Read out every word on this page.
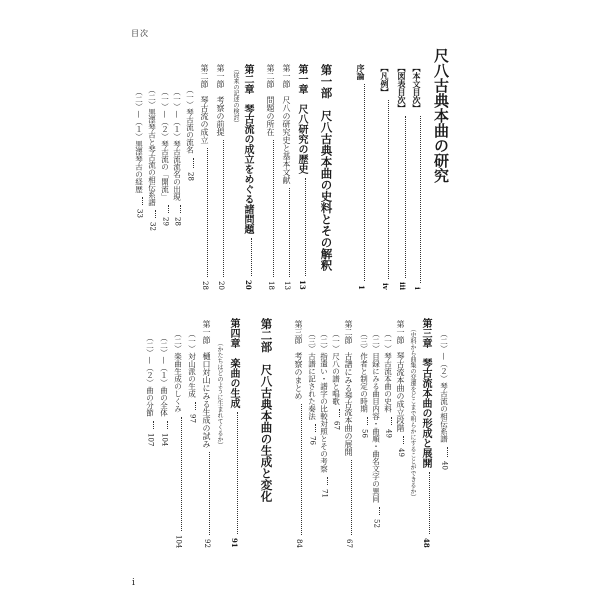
目次
i
尺八古典本曲の研究
【本文目次】
i
【図表目次】
iii
【凡例】
iv
序論
1
第一部　尺八古典本曲の史料とその解釈
第一章　尺八研究の歴史
13
第一節　尺八の研究史と基本文献
13
第二節　問題の所在
18
第二章　琴古流の成立をめぐる諸問題
20
（従来の記述の検討）
第一節　考察の前提
20
第二節　琴古流の成立
28
（一）琴古流の流名
28
（一）—（１）琴古流流名の出現
28
（一）—（２）琴古流の「開流」
29
（二）黒澤琴古と琴古流の相伝系譜
32
（二）—（１）黒澤琴古の経歴
33
（二）—（２）琴古流の相伝系譜
40
第三章　琴古流本曲の形成と展開
48
（史料から曲集の変遷をどこまで明らかにすることができるか）
第一節　琴古流本曲の成立段階
49
（一）琴古流本曲の史料
49
（二）目録にみる曲目内容・曲順・曲名文字の異同
52
（三）作者と制定の時期
56
第二節　古譜にみる琴古流本曲の展開
67
（一）尺八の譜と唱歌
67
（二）指遣い・譜字の比較対照とその考察
71
（三）古譜に記された奏法
76
第三節　考察のまとめ
84
第二部　尺八古典本曲の生成と変化
第四章　楽曲の生成
91
（かたちはどのように生まれてくるか）
第一節　樋口対山にみる生成の試み
92
（一）対山派の生成
97
（二）楽曲生成のしくみ
104
（二）—（１）曲の全体
104
（二）—（２）曲の分節
107
